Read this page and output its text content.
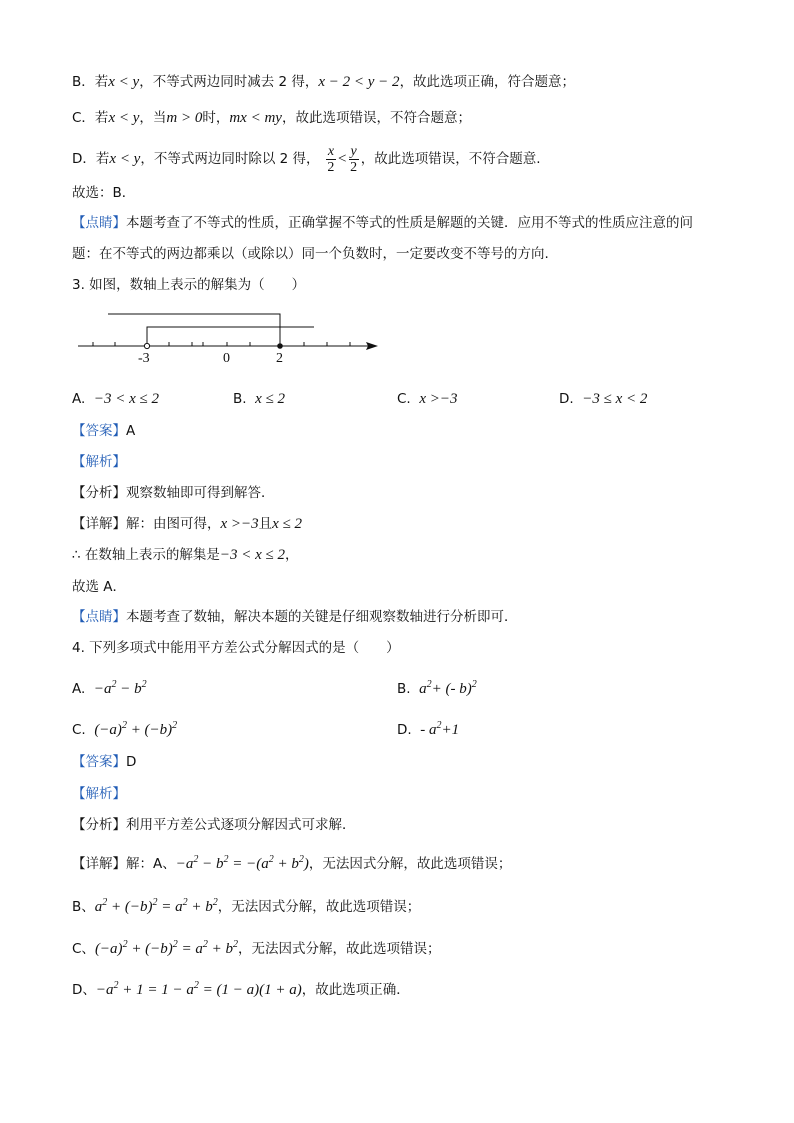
B．若x < y，不等式两边同时减去 2 得，x − 2 < y − 2，故此选项正确，符合题意；
C．若x < y，当m > 0时，mx < my，故此选项错误，不符合题意；
D．若x < y，不等式两边同时除以 2 得， $\frac{x}{2} < \frac{y}{2}$ ，故此选项错误，不符合题意.
故选：B．
【点睛】本题考查了不等式的性质，正确掌握不等式的性质是解题的关键．应用不等式的性质应注意的问
题：在不等式的两边都乘以（或除以）同一个负数时，一定要改变不等号的方向.
3. 如图，数轴上表示的解集为（　　）
-3	0	2
A. −3 < x ≤ 2	B. x ≤ 2	C. x >−3	D. −3 ≤ x < 2
【答案】A
【解析】
【分析】观察数轴即可得到解答．
【详解】解：由图可得，x >−3且x ≤ 2
∴ 在数轴上表示的解集是−3 < x ≤ 2，
故选 A．
【点睛】本题考查了数轴，解决本题的关键是仔细观察数轴进行分析即可．
4. 下列多项式中能用平方差公式分解因式的是（　　）
A. $-a^2 - b^2$	B. $a^2+$ (- b)$^2$
C. $(-a)^2 + (-b)^2$	D. - $a^2+1$
【答案】D
【解析】
【分析】利用平方差公式逐项分解因式可求解．
【详解】解：A、$-a^2 - b^2 = -(a^2 + b^2)$，无法因式分解，故此选项错误；
B、$a^2 + (-b)^2 = a^2 + b^2$，无法因式分解，故此选项错误；
C、$(-a)^2 + (-b)^2 = a^2 + b^2$，无法因式分解，故此选项错误；
D、$-a^2 + 1 = 1 - a^2 = (1 - a)(1 + a)$，故此选项正确．
